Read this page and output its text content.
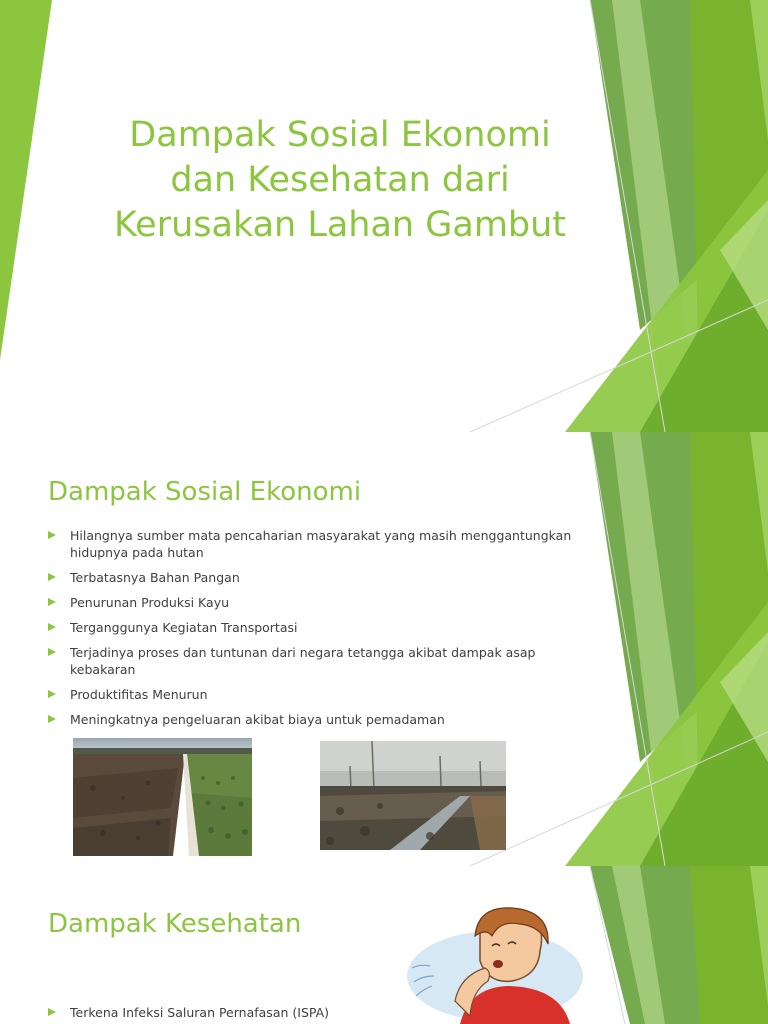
Dampak Sosial Ekonomi dan Kesehatan dari Kerusakan Lahan Gambut
Dampak Sosial Ekonomi
Hilangnya sumber mata pencaharian masyarakat yang masih menggantungkan hidupnya pada hutan
Terbatasnya Bahan Pangan
Penurunan Produksi Kayu
Terganggunya Kegiatan Transportasi
Terjadinya proses dan tuntunan dari negara tetangga akibat dampak asap kebakaran
Produktifitas Menurun
Meningkatnya pengeluaran akibat biaya untuk pemadaman
Dampak Kesehatan
Terkena Infeksi Saluran Pernafasan (ISPA)
